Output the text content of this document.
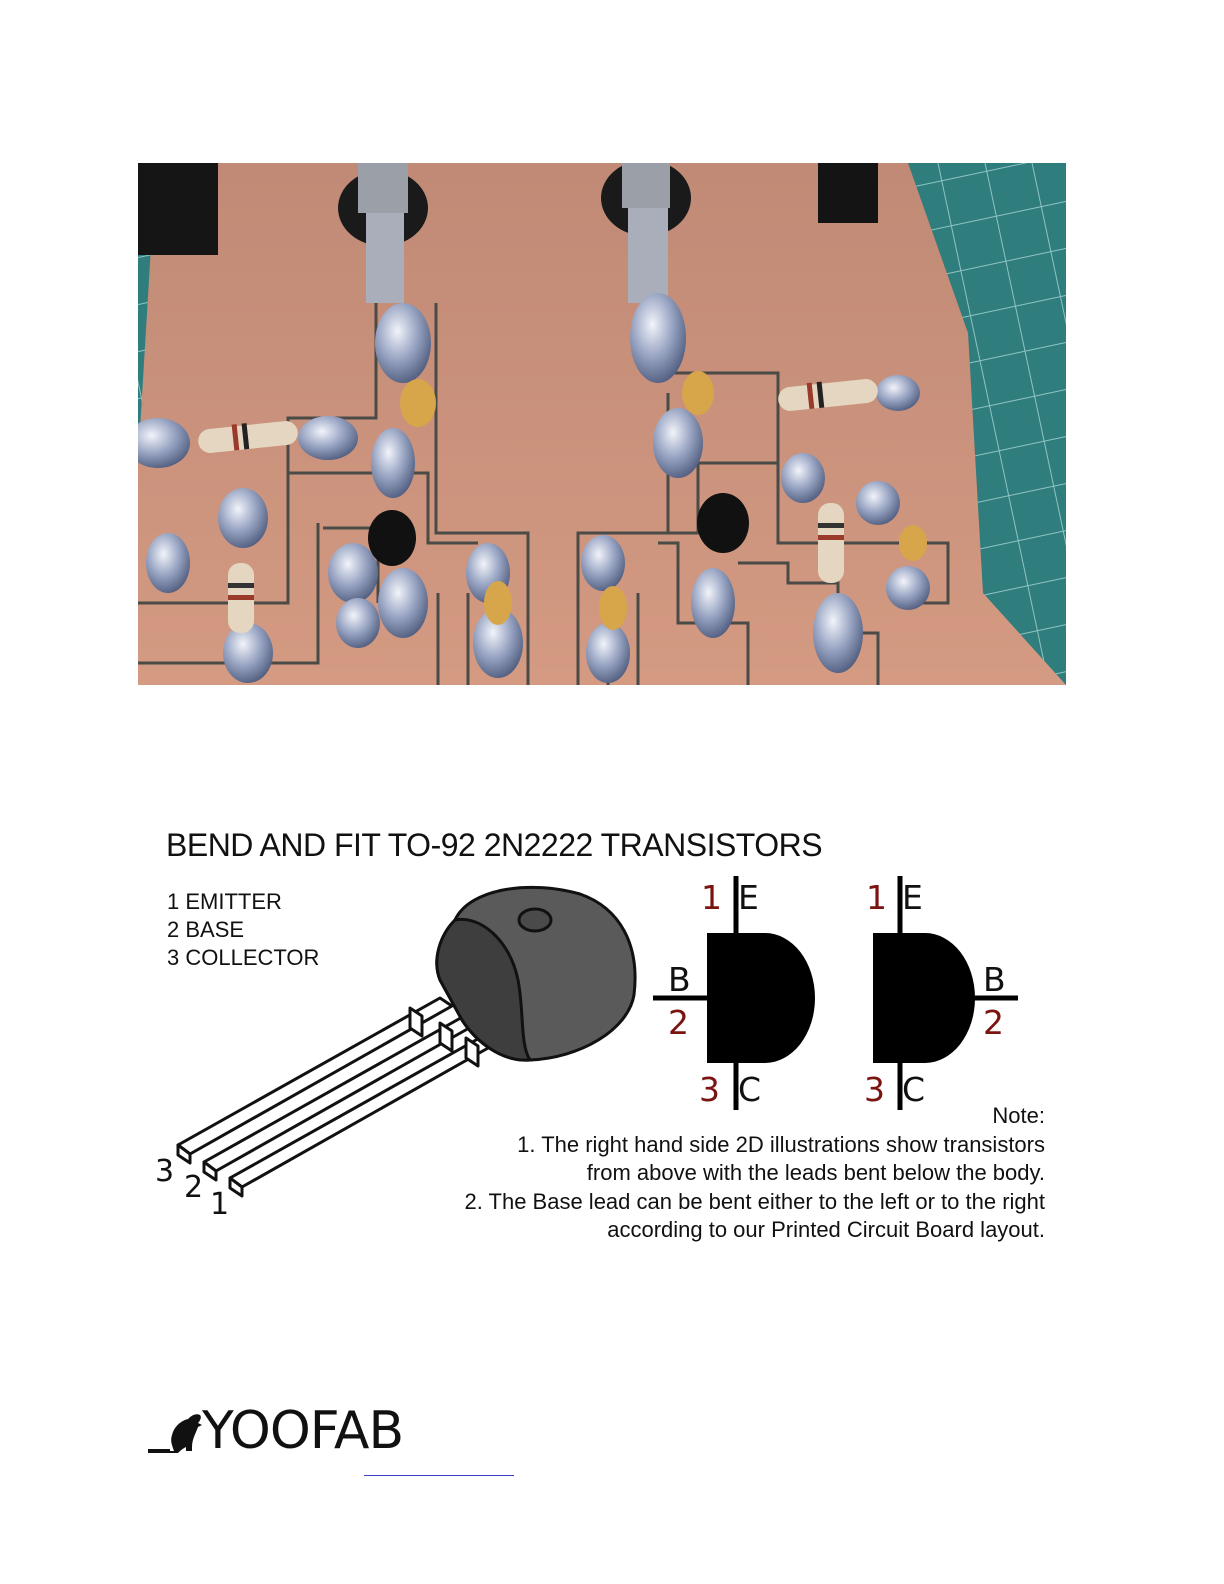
BEND AND FIT TO-92 2N2222 TRANSISTORS
1 EMITTER
2 BASE
3 COLLECTOR
3 2 1
1 E
B
2
3 C
1 E
B
2
3 C
Note:
1. The right hand side 2D illustrations show transistors
from above with the leads bent below the body.
2. The Base lead can be bent either to the left or to the right
according to our Printed Circuit Board layout.
YOOFAB
